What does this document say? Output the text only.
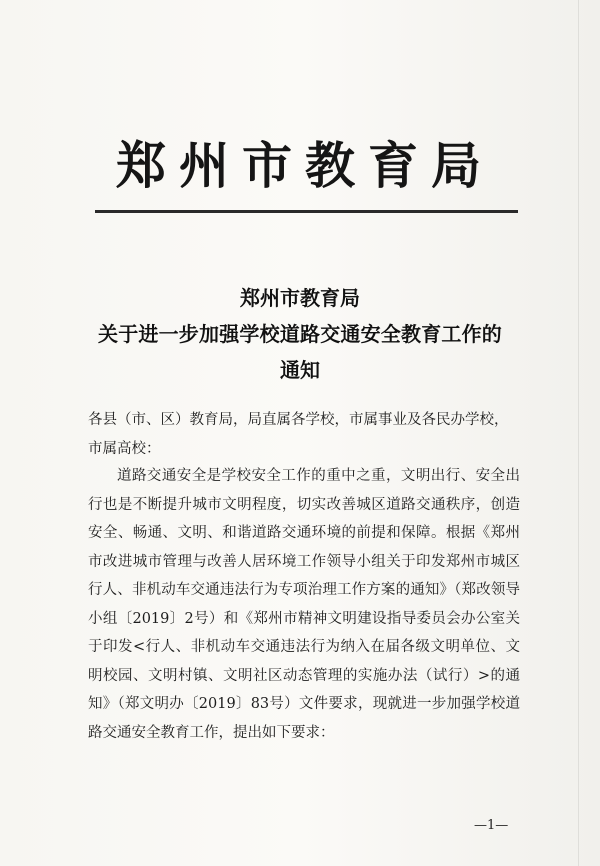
郑州市教育局
郑州市教育局
关于进一步加强学校道路交通安全教育工作的
通知
各县（市、区）教育局，局直属各学校，市属事业及各民办学校，市属高校：
道路交通安全是学校安全工作的重中之重，文明出行、安全出行也是不断提升城市文明程度，切实改善城区道路交通秩序，创造安全、畅通、文明、和谐道路交通环境的前提和保障。根据《郑州市改进城市管理与改善人居环境工作领导小组关于印发郑州市城区行人、非机动车交通违法行为专项治理工作方案的通知》（郑改领导小组〔2019〕2号）和《郑州市精神文明建设指导委员会办公室关于印发<行人、非机动车交通违法行为纳入在届各级文明单位、文明校园、文明村镇、文明社区动态管理的实施办法（试行）>的通知》（郑文明办〔2019〕83号）文件要求，现就进一步加强学校道路交通安全教育工作，提出如下要求：
—1—
